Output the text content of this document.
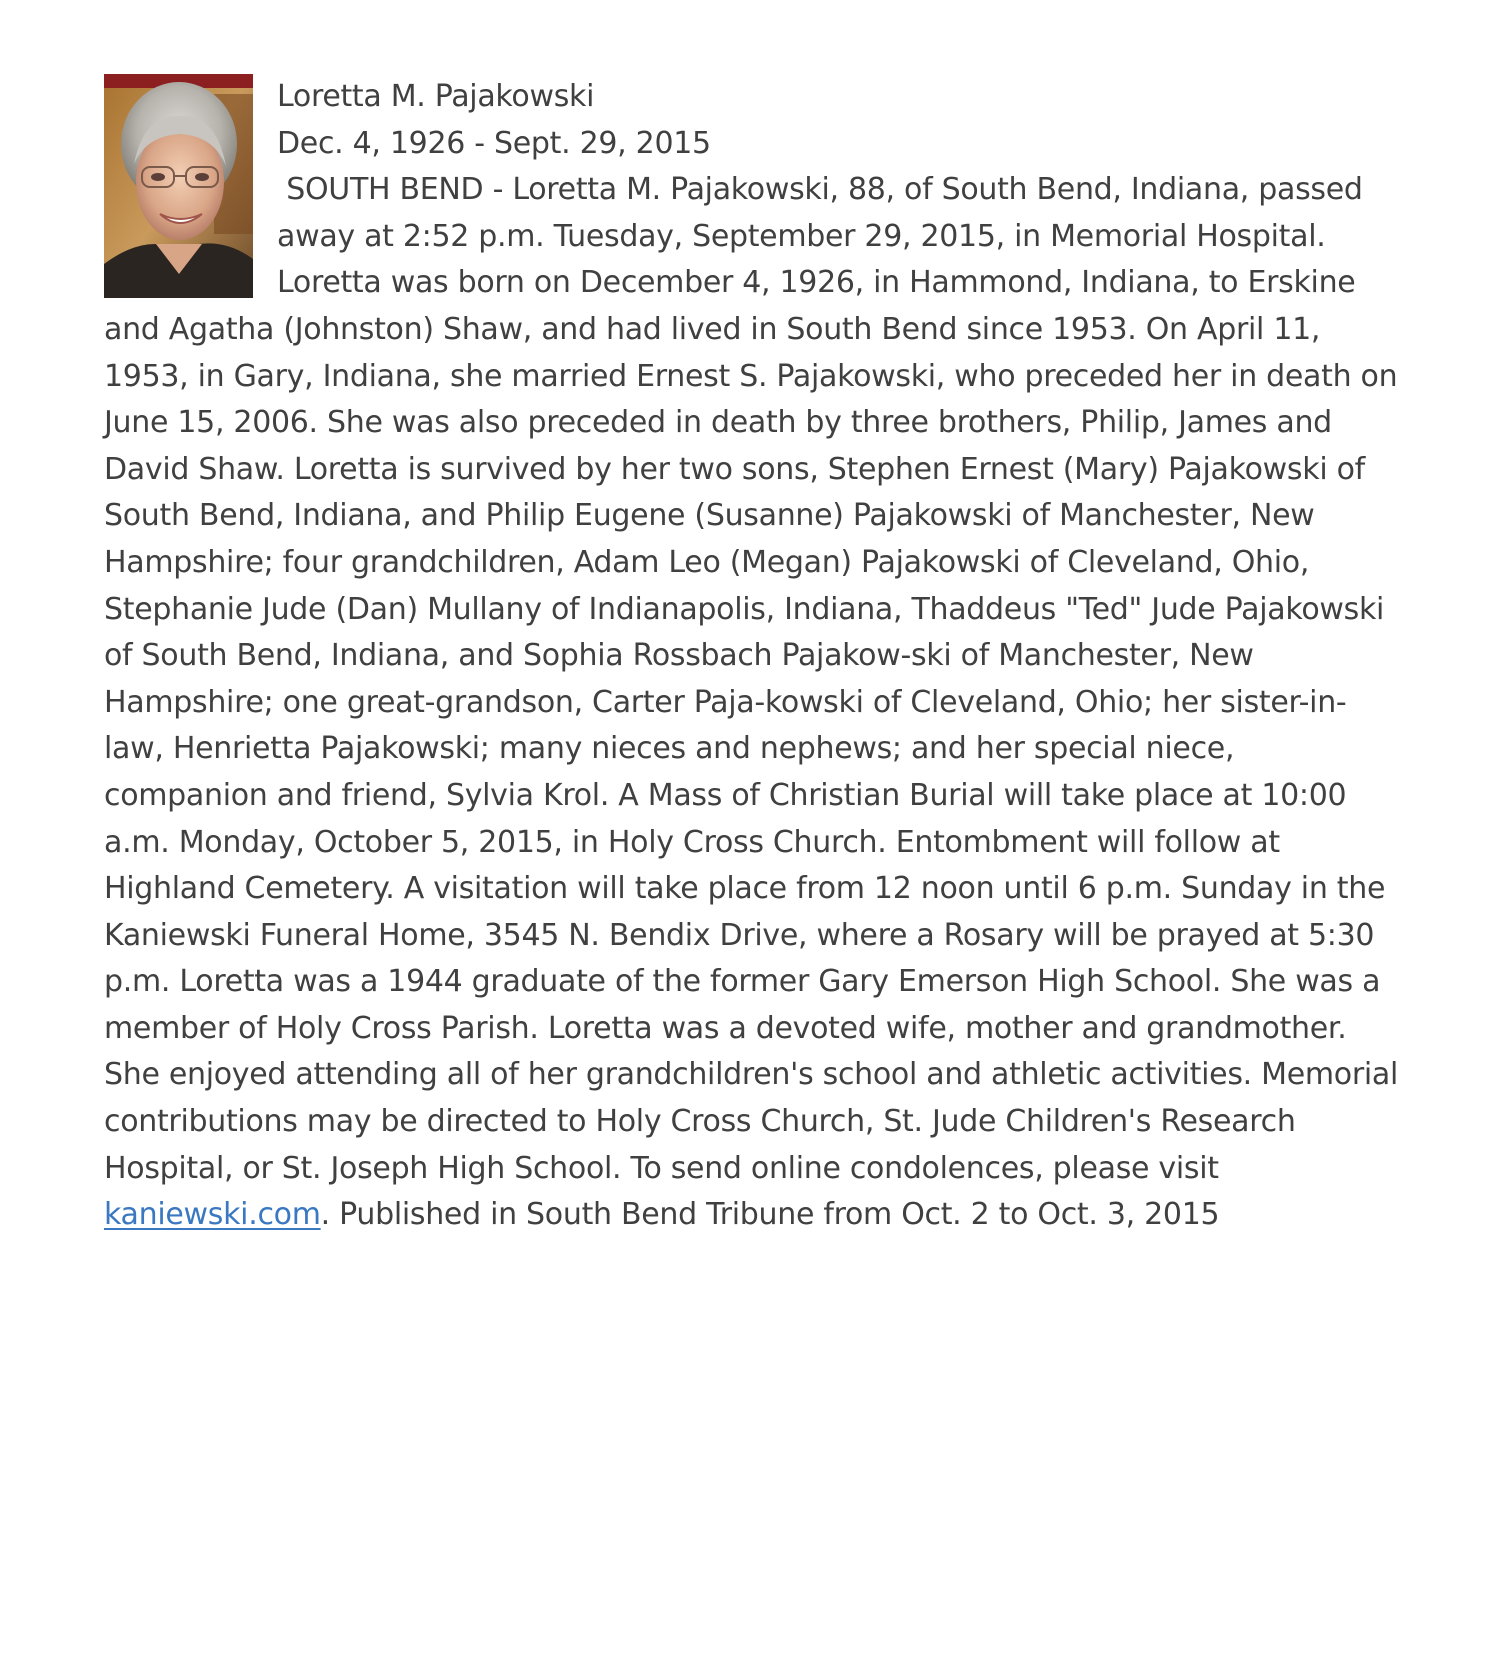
Loretta M. Pajakowski
Dec. 4, 1926 - Sept. 29, 2015
SOUTH BEND - Loretta M. Pajakowski, 88, of South Bend, Indiana, passed away at 2:52 p.m. Tuesday, September 29, 2015, in Memorial Hospital. Loretta was born on December 4, 1926, in Hammond, Indiana, to Erskine and Agatha (Johnston) Shaw, and had lived in South Bend since 1953. On April 11, 1953, in Gary, Indiana, she married Ernest S. Pajakowski, who preceded her in death on June 15, 2006. She was also preceded in death by three brothers, Philip, James and David Shaw. Loretta is survived by her two sons, Stephen Ernest (Mary) Pajakowski of South Bend, Indiana, and Philip Eugene (Susanne) Pajakowski of Manchester, New Hampshire; four grandchildren, Adam Leo (Megan) Pajakowski of Cleveland, Ohio, Stephanie Jude (Dan) Mullany of Indianapolis, Indiana, Thaddeus "Ted" Jude Pajakowski of South Bend, Indiana, and Sophia Rossbach Pajakow-ski of Manchester, New Hampshire; one great-grandson, Carter Paja-kowski of Cleveland, Ohio; her sister-in-law, Henrietta Pajakowski; many nieces and nephews; and her special niece, companion and friend, Sylvia Krol. A Mass of Christian Burial will take place at 10:00 a.m. Monday, October 5, 2015, in Holy Cross Church. Entombment will follow at Highland Cemetery. A visitation will take place from 12 noon until 6 p.m. Sunday in the Kaniewski Funeral Home, 3545 N. Bendix Drive, where a Rosary will be prayed at 5:30 p.m. Loretta was a 1944 graduate of the former Gary Emerson High School. She was a member of Holy Cross Parish. Loretta was a devoted wife, mother and grandmother. She enjoyed attending all of her grandchildren's school and athletic activities. Memorial contributions may be directed to Holy Cross Church, St. Jude Children's Research Hospital, or St. Joseph High School. To send online condolences, please visit kaniewski.com. Published in South Bend Tribune from Oct. 2 to Oct. 3, 2015
